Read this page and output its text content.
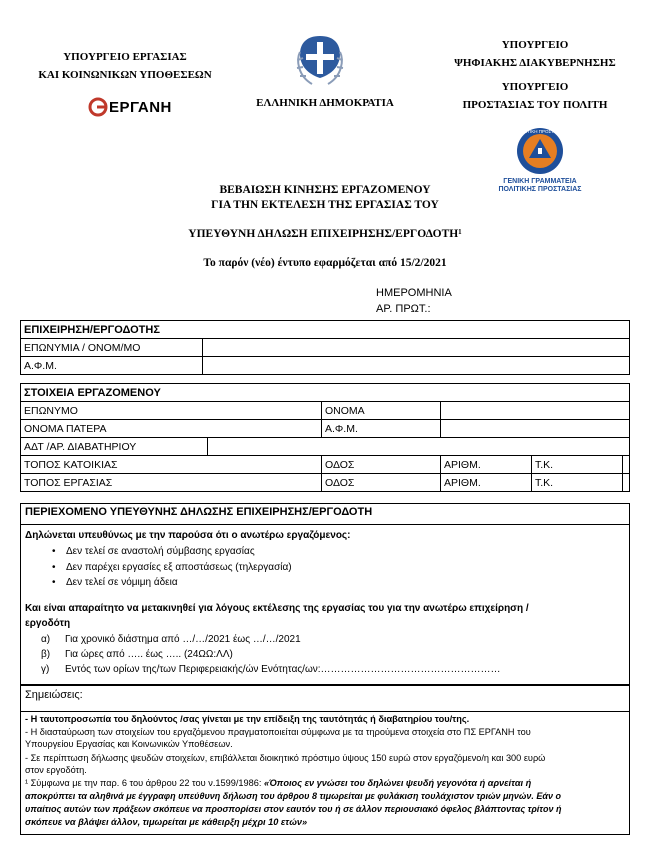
ΥΠΟΥΡΓΕΙΟ ΕΡΓΑΣΙΑΣ
ΚΑΙ ΚΟΙΝΩΝΙΚΩΝ ΥΠΟΘΕΣΕΩΝ
ΕΡΓΑΝΗ	ΕΛΛΗΝΙΚΗ ΔΗΜΟΚΡΑΤΙΑ
ΥΠΟΥΡΓΕΙΟ
ΨΗΦΙΑΚΗΣ ΔΙΑΚΥΒΕΡΝΗΣΗΣ
ΥΠΟΥΡΓΕΙΟ
ΠΡΟΣΤΑΣΙΑΣ ΤΟΥ ΠΟΛΙΤΗ
ΠΟΛΙΤΙΚΗ ΠΡΟΣΤΑΣΙΑ
ΓΕΝΙΚΗ ΓΡΑΜΜΑΤΕΙΑ
ΠΟΛΙΤΙΚΗΣ ΠΡΟΣΤΑΣΙΑΣ
ΒΕΒΑΙΩΣΗ ΚΙΝΗΣΗΣ ΕΡΓΑΖΟΜΕΝΟΥ
ΓΙΑ ΤΗΝ ΕΚΤΕΛΕΣΗ ΤΗΣ ΕΡΓΑΣΙΑΣ ΤΟΥ
ΥΠΕΥΘΥΝΗ ΔΗΛΩΣΗ ΕΠΙΧΕΙΡΗΣΗΣ/ΕΡΓΟΔΟΤΗ¹
Το παρόν (νέο) έντυπο εφαρμόζεται από 15/2/2021
ΗΜΕΡΟΜΗΝΙΑ
ΑΡ. ΠΡΩΤ.:
ΕΠΙΧΕΙΡΗΣΗ/ΕΡΓΟΔΟΤΗΣ
ΕΠΩΝΥΜΙΑ / ΟΝΟΜ/ΜΟ	
Α.Φ.Μ.	
ΣΤΟΙΧΕΙΑ ΕΡΓΑΖΟΜΕΝΟΥ
ΕΠΩΝΥΜΟ	ΟΝΟΜΑ	
ΟΝΟΜΑ ΠΑΤΕΡΑ	Α.Φ.Μ.	
ΑΔΤ /ΑΡ. ΔΙΑΒΑΤΗΡΙΟΥ	
ΤΟΠΟΣ ΚΑΤΟΙΚΙΑΣ	ΟΔΟΣ	ΑΡΙΘΜ.	Τ.Κ.	
ΤΟΠΟΣ ΕΡΓΑΣΙΑΣ	ΟΔΟΣ	ΑΡΙΘΜ.	Τ.Κ.	
ΠΕΡΙΕΧΟΜΕΝΟ ΥΠΕΥΘΥΝΗΣ ΔΗΛΩΣΗΣ ΕΠΙΧΕΙΡΗΣΗΣ/ΕΡΓΟΔΟΤΗ
Δηλώνεται υπευθύνως με την παρούσα ότι ο ανωτέρω εργαζόμενος:
• Δεν τελεί σε αναστολή σύμβασης εργασίας
• Δεν παρέχει εργασίες εξ αποστάσεως (τηλεργασία)
• Δεν τελεί σε νόμιμη άδεια
Και είναι απαραίτητο να μετακινηθεί για λόγους εκτέλεσης της εργασίας του για την ανωτέρω επιχείρηση /
εργοδότη
α) Για χρονικό διάστημα από …/…/2021 έως …/…/2021
β) Για ώρες από ….. έως ….. (24ΩΩ:ΛΛ)
γ) Εντός των ορίων της/των Περιφερειακής/ών Ενότητας/ων:………………………………………………
Σημειώσεις:
- Η ταυτοπροσωπία του δηλούντος /σας γίνεται με την επίδειξη της ταυτότητάς ή διαβατηρίου του/της.
- Η διασταύρωση των στοιχείων του εργαζόμενου πραγματοποιείται σύμφωνα με τα τηρούμενα στοιχεία στο ΠΣ ΕΡΓΑΝΗ του
Υπουργείου Εργασίας και Κοινωνικών Υποθέσεων.
- Σε περίπτωση δήλωσης ψευδών στοιχείων, επιβάλλεται διοικητικό πρόστιμο ύψους 150 ευρώ στον εργαζόμενο/η και 300 ευρώ
στον εργοδότη.
¹ Σύμφωνα με την παρ. 6 του άρθρου 22 του ν.1599/1986: «Όποιος εν γνώσει του δηλώνει ψευδή γεγονότα ή αρνείται ή
αποκρύπτει τα αληθινά με έγγραφη υπεύθυνη δήλωση του άρθρου 8 τιμωρείται με φυλάκιση τουλάχιστον τριών μηνών. Εάν ο
υπαίτιος αυτών των πράξεων σκόπευε να προσπορίσει στον εαυτόν του ή σε άλλον περιουσιακό όφελος βλάπτοντας τρίτον ή
σκόπευε να βλάψει άλλον, τιμωρείται με κάθειρξη μέχρι 10 ετών»
